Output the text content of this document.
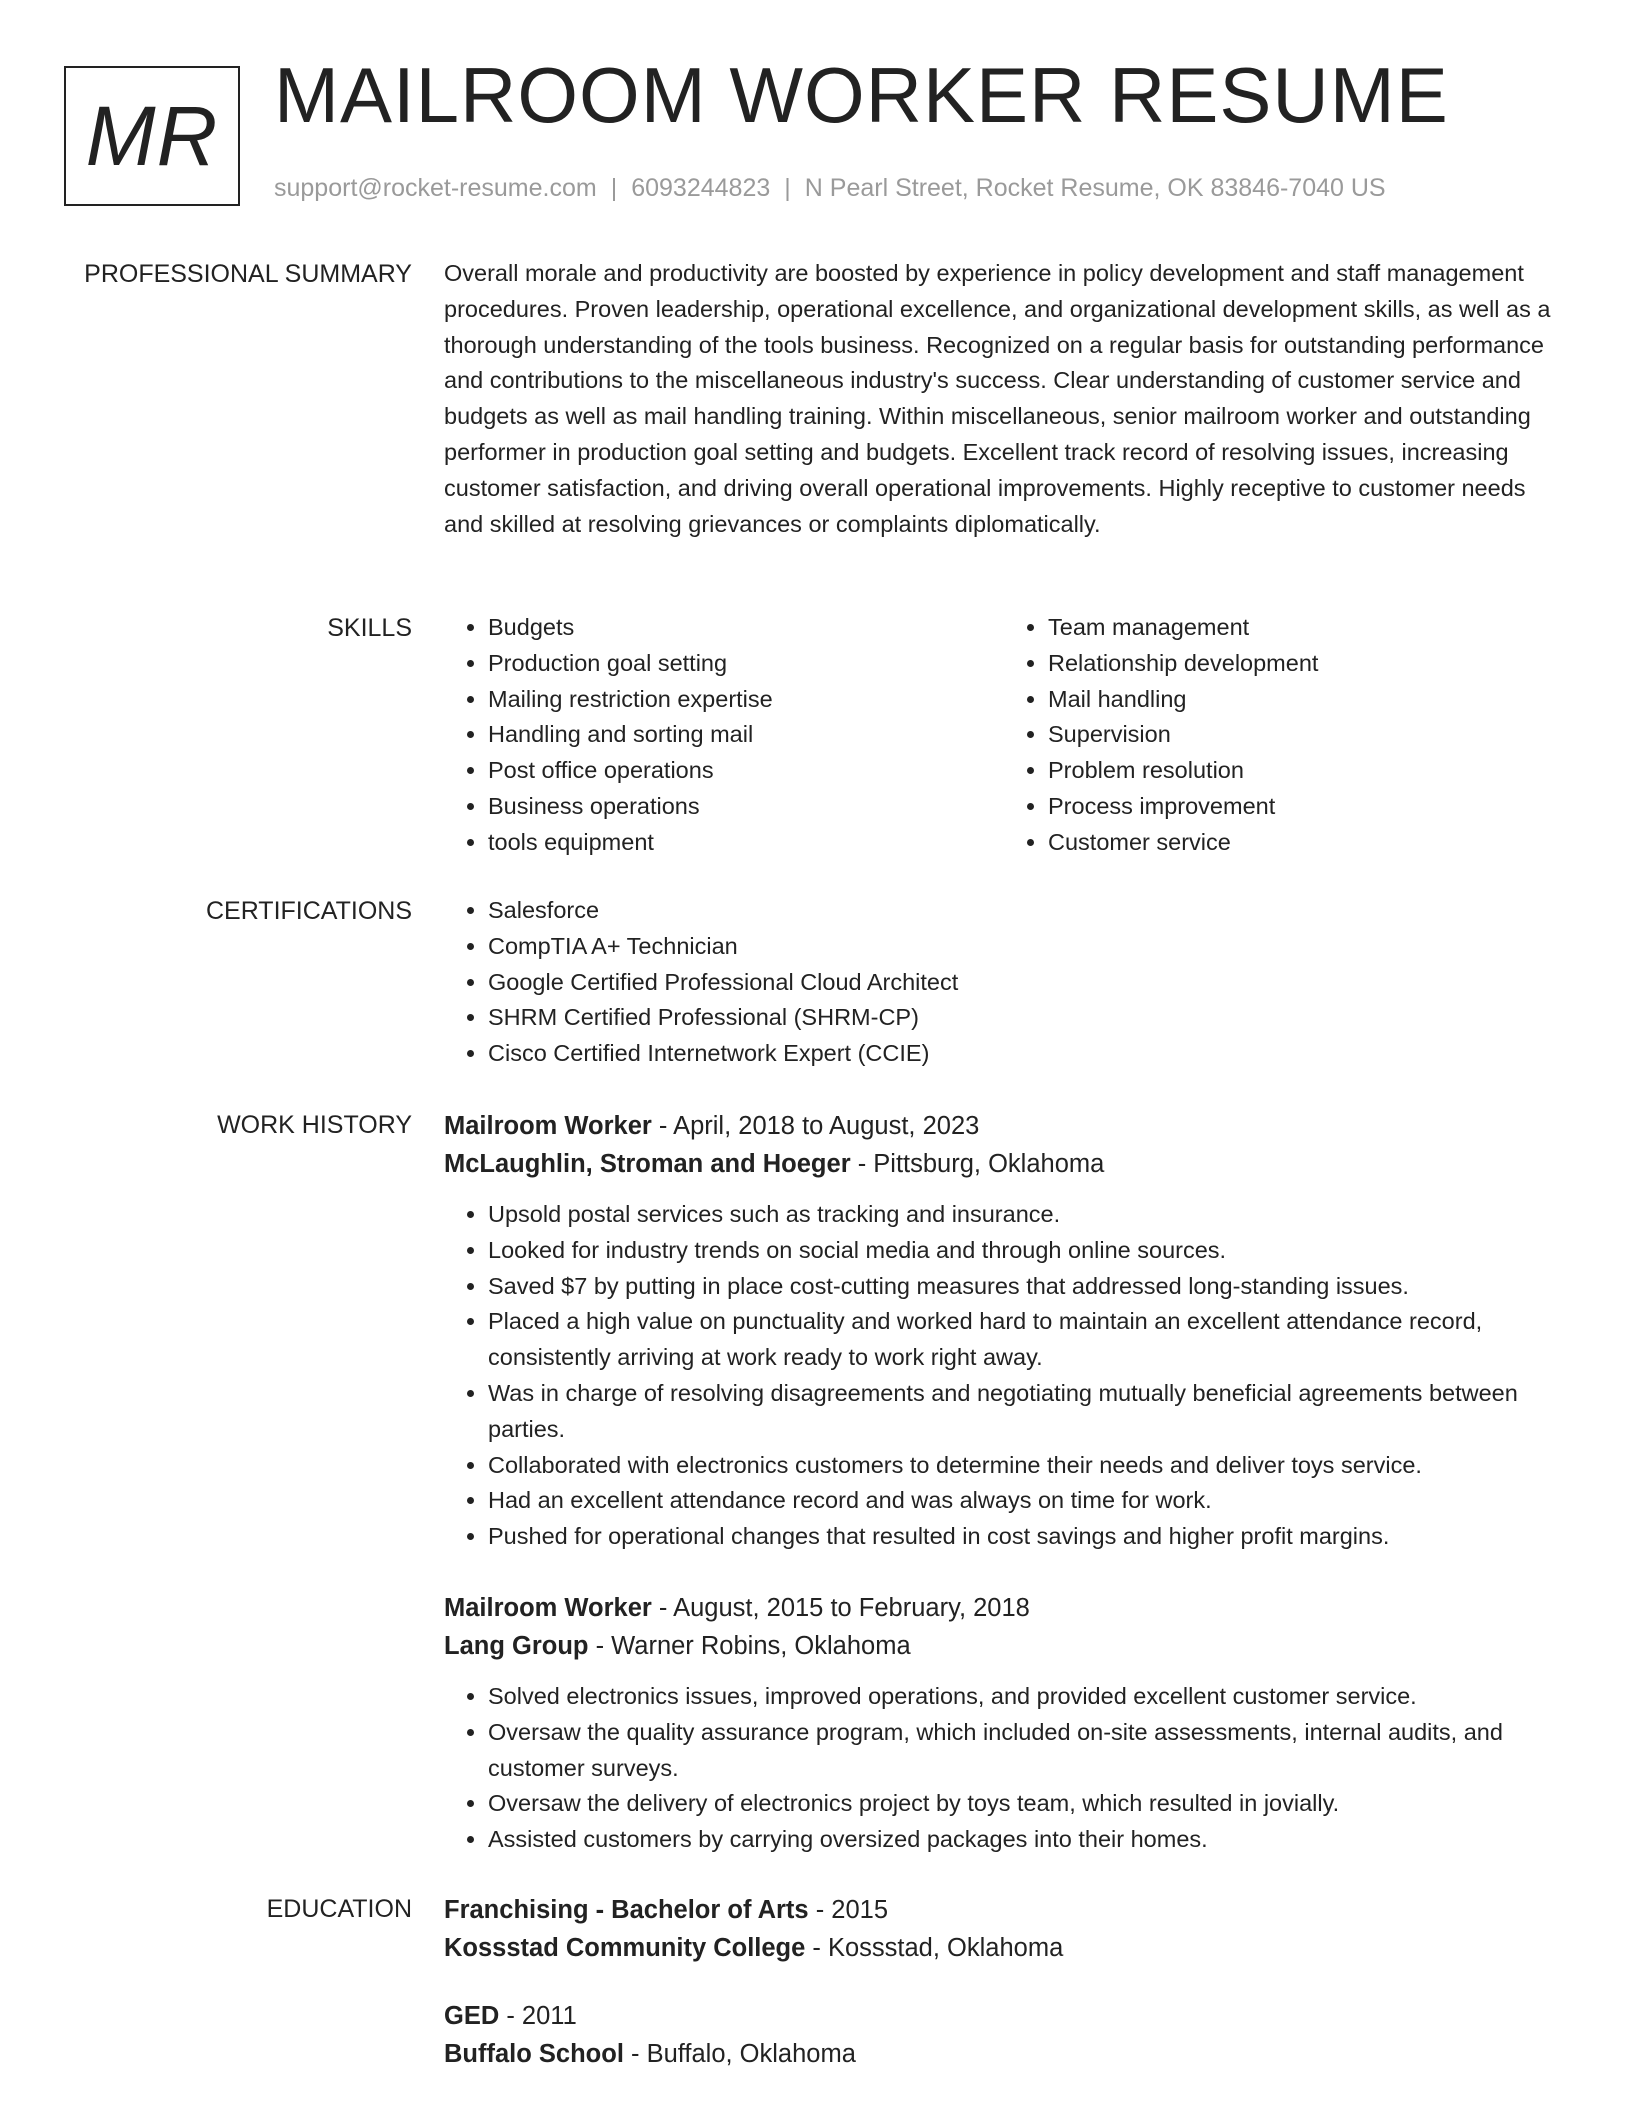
MR MAILROOM WORKER RESUME
support@rocket-resume.com | 6093244823 | N Pearl Street, Rocket Resume, OK 83846-7040 US
PROFESSIONAL SUMMARY Overall morale and productivity are boosted by experience in policy development and staff management procedures. Proven leadership, operational excellence, and organizational development skills, as well as a thorough understanding of the tools business. Recognized on a regular basis for outstanding performance and contributions to the miscellaneous industry's success. Clear understanding of customer service and budgets as well as mail handling training. Within miscellaneous, senior mailroom worker and outstanding performer in production goal setting and budgets. Excellent track record of resolving issues, increasing customer satisfaction, and driving overall operational improvements. Highly receptive to customer needs and skilled at resolving grievances or complaints diplomatically.
SKILLS	• Budgets
• Production goal setting
• Mailing restriction expertise
• Handling and sorting mail
• Post office operations
• Business operations
• tools equipment
• Team management
• Relationship development
• Mail handling
• Supervision
• Problem resolution
• Process improvement
• Customer service
CERTIFICATIONS	• Salesforce
• CompTIA A+ Technician
• Google Certified Professional Cloud Architect
• SHRM Certified Professional (SHRM-CP)
• Cisco Certified Internetwork Expert (CCIE)
WORK HISTORY Mailroom Worker - April, 2018 to August, 2023
McLaughlin, Stroman and Hoeger - Pittsburg, Oklahoma
• Upsold postal services such as tracking and insurance.
• Looked for industry trends on social media and through online sources.
• Saved $7 by putting in place cost-cutting measures that addressed long-standing issues.
• Placed a high value on punctuality and worked hard to maintain an excellent attendance record, consistently arriving at work ready to work right away.
• Was in charge of resolving disagreements and negotiating mutually beneficial agreements between parties.
• Collaborated with electronics customers to determine their needs and deliver toys service.
• Had an excellent attendance record and was always on time for work.
• Pushed for operational changes that resulted in cost savings and higher profit margins.
Mailroom Worker - August, 2015 to February, 2018
Lang Group - Warner Robins, Oklahoma
• Solved electronics issues, improved operations, and provided excellent customer service.
• Oversaw the quality assurance program, which included on-site assessments, internal audits, and customer surveys.
• Oversaw the delivery of electronics project by toys team, which resulted in jovially.
• Assisted customers by carrying oversized packages into their homes.
EDUCATION Franchising - Bachelor of Arts - 2015
Kossstad Community College - Kossstad, Oklahoma
GED - 2011
Buffalo School - Buffalo, Oklahoma
